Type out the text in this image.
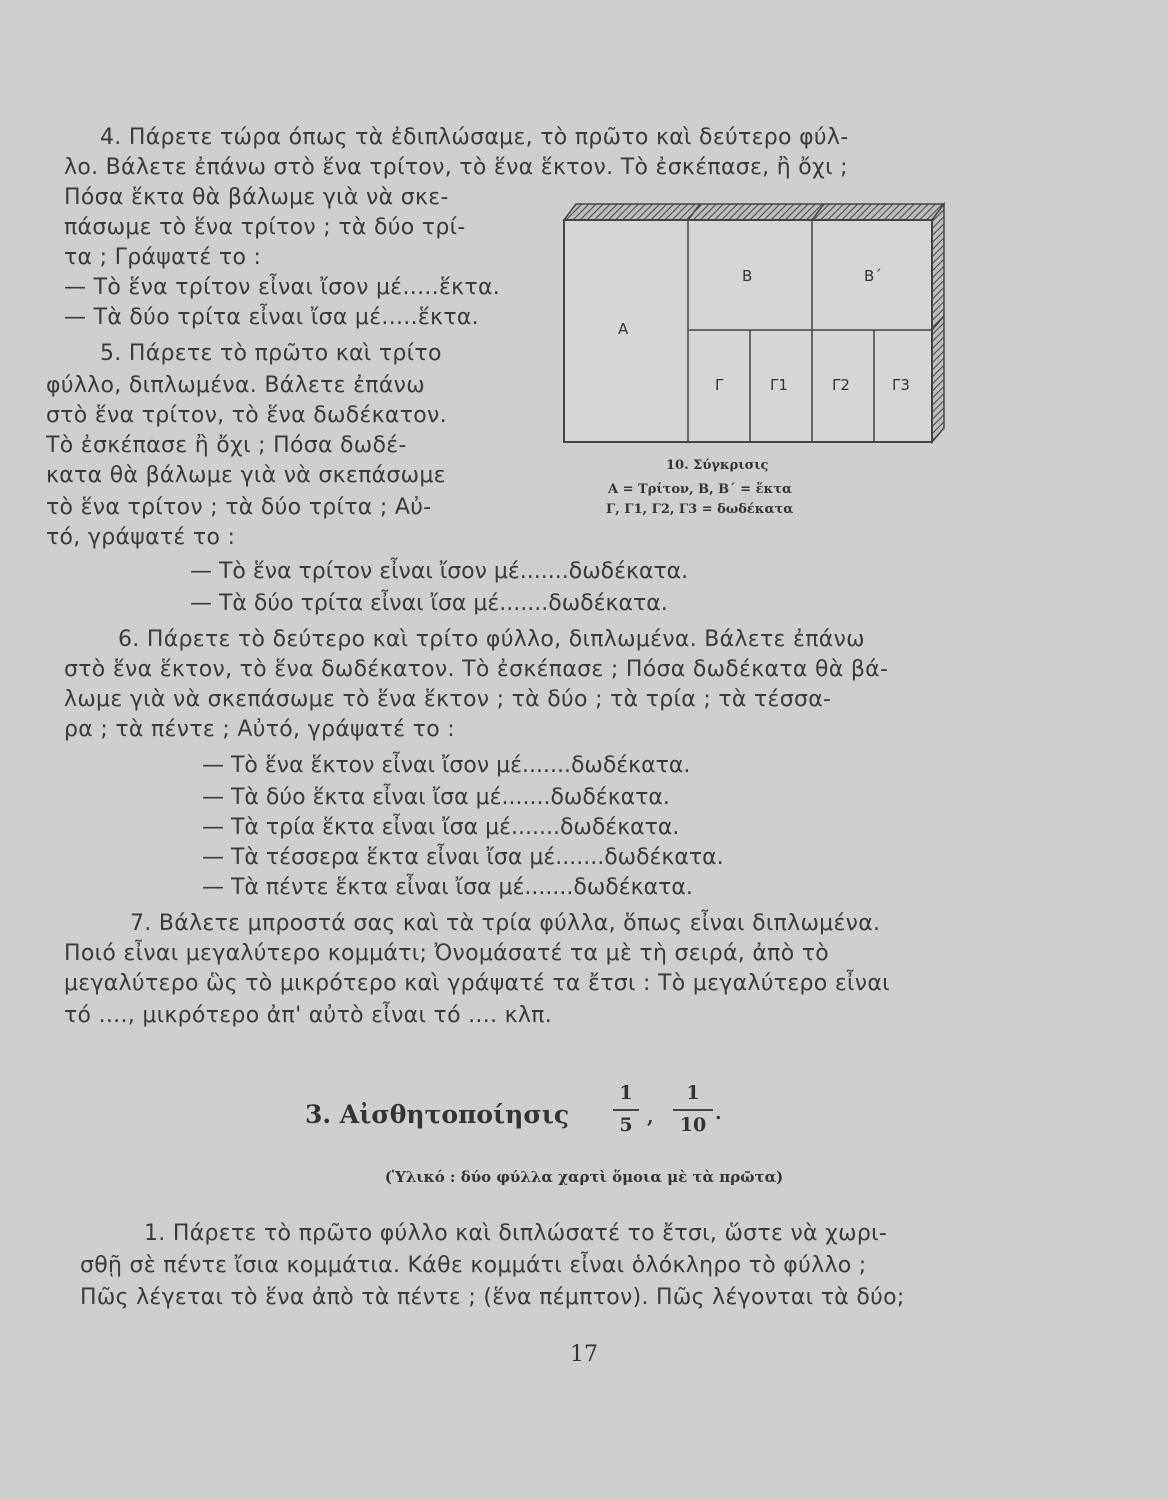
4. Πάρετε τώρα όπως τὰ ἐδιπλώσαμε, τὸ πρῶτο καὶ δεύτερο φύλ-
λο. Βάλετε ἐπάνω στὸ ἕνα τρίτον, τὸ ἕνα ἕκτον. Τὸ ἐσκέπασε, ἢ ὄχι ;
Πόσα ἕκτα θὰ βάλωμε γιὰ νὰ σκε-
πάσωμε τὸ ἕνα τρίτον ; τὰ δύο τρί-
τα ; Γράψατέ το :
— Τὸ ἕνα τρίτον εἶναι ἴσον μέ.....ἕκτα.
— Τὰ δύο τρίτα εἶναι ἴσα μέ.....ἕκτα.
5. Πάρετε τὸ πρῶτο καὶ τρίτο
φύλλο, διπλωμένα. Βάλετε ἐπάνω
στὸ ἕνα τρίτον, τὸ ἕνα δωδέκατον.
Τὸ ἐσκέπασε ἢ ὄχι ; Πόσα δωδέ-
κατα θὰ βάλωμε γιὰ νὰ σκεπάσωμε
τὸ ἕνα τρίτον ; τὰ δύο τρίτα ; Αὐ-
τό, γράψατέ το :
— Τὸ ἕνα τρίτον εἶναι ἴσον μέ.......δωδέκατα.
— Τὰ δύο τρίτα εἶναι ἴσα μέ.......δωδέκατα.
Α
Β	Β΄
Γ	Γ1	Γ2	Γ3
10. Σύγκρισις
Α = Τρίτον, Β, Β΄ = ἕκτα
Γ, Γ1, Γ2, Γ3 = δωδέκατα
6. Πάρετε τὸ δεύτερο καὶ τρίτο φύλλο, διπλωμένα. Βάλετε ἐπάνω
στὸ ἕνα ἕκτον, τὸ ἕνα δωδέκατον. Τὸ ἐσκέπασε ; Πόσα δωδέκατα θὰ βά-
λωμε γιὰ νὰ σκεπάσωμε τὸ ἕνα ἕκτον ; τὰ δύο ; τὰ τρία ; τὰ τέσσα-
ρα ; τὰ πέντε ; Αὐτό, γράψατέ το :
— Τὸ ἕνα ἕκτον εἶναι ἴσον μέ.......δωδέκατα.
— Τὰ δύο ἕκτα εἶναι ἴσα μέ.......δωδέκατα.
— Τὰ τρία ἕκτα εἶναι ἴσα μέ.......δωδέκατα.
— Τὰ τέσσερα ἕκτα εἶναι ἴσα μέ.......δωδέκατα.
— Τὰ πέντε ἕκτα εἶναι ἴσα μέ.......δωδέκατα.
7. Βάλετε μπροστά σας καὶ τὰ τρία φύλλα, ὅπως εἶναι διπλωμένα.
Ποιό εἶναι μεγαλύτερο κομμάτι; Ὀνομάσατέ τα μὲ τὴ σειρά, ἀπὸ τὸ
μεγαλύτερο ὣς τὸ μικρότερο καὶ γράψατέ τα ἔτσι : Τὸ μεγαλύτερο εἶναι
τό ...., μικρότερο ἀπ' αὐτὸ εἶναι τό .... κλπ.
3. Αἰσθητοποίησις
1
5 ,
1
10
.
(Ὑλικό : δύο φύλλα χαρτὶ ὅμοια μὲ τὰ πρῶτα)
1. Πάρετε τὸ πρῶτο φύλλο καὶ διπλώσατέ το ἔτσι, ὥστε νὰ χωρι-
σθῇ σὲ πέντε ἴσια κομμάτια. Κάθε κομμάτι εἶναι ὁλόκληρο τὸ φύλλο ;
Πῶς λέγεται τὸ ἕνα ἀπὸ τὰ πέντε ; (ἕνα πέμπτον). Πῶς λέγονται τὰ δύο;
17
